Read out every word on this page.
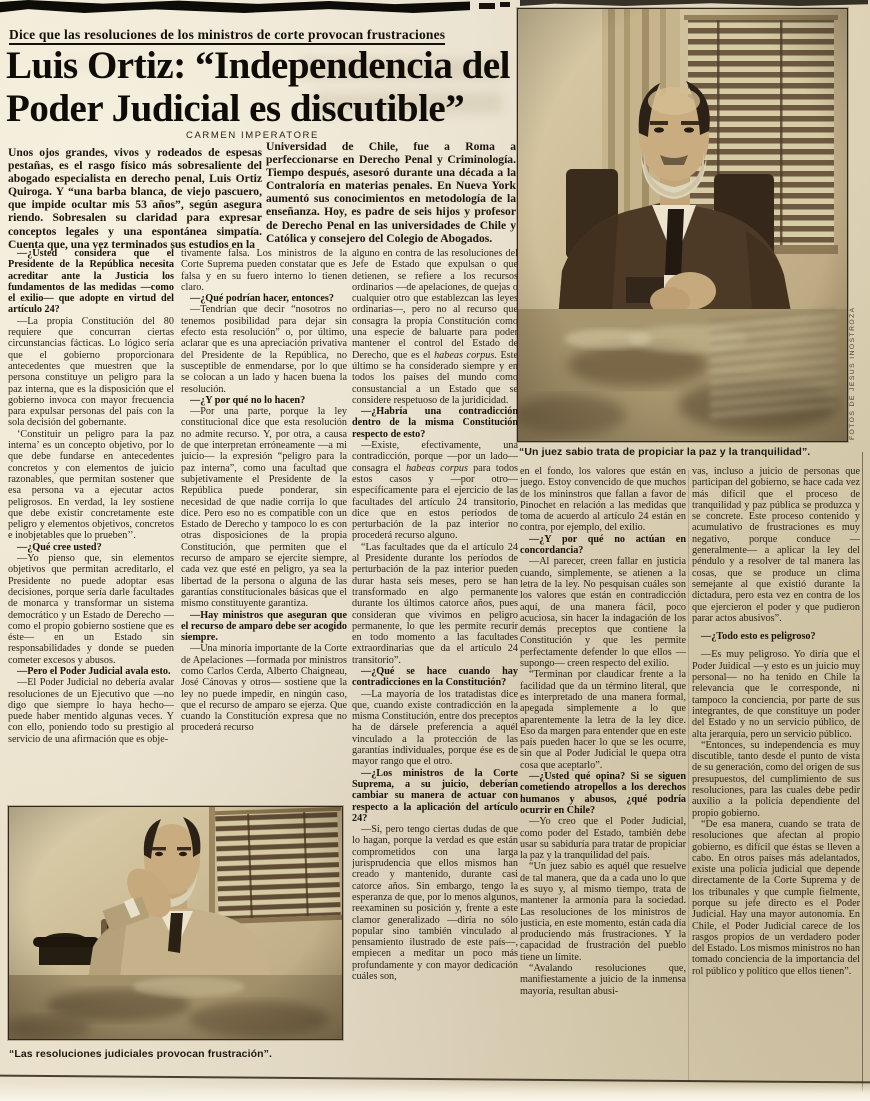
Dice que las resoluciones de los ministros de corte provocan frustraciones
Luis Ortiz: “Independencia del
Poder Judicial es discutible”
CARMEN IMPERATORE
Unos ojos grandes, vivos y rodeados de espesas pestañas, es el rasgo físico más sobresaliente del abogado especialista en derecho penal, Luis Ortiz Quiroga. Y “una barba blanca, de viejo pascuero, que impide ocultar mis 53 años”, según asegura riendo. Sobresalen su claridad para expresar conceptos legales y una espontánea simpatía. Cuenta que, una vez terminados sus estudios en la
Universidad de Chile, fue a Roma a perfeccionarse en Derecho Penal y Criminología. Tiempo después, asesoró durante una década a la Contraloría en materias penales. En Nueva York aumentó sus conocimientos en metodología de la enseñanza. Hoy, es padre de seis hijos y profesor de Derecho Penal en las universidades de Chile y Católica y consejero del Colegio de Abogados.
FOTOS DE JESUS INOSTROZA
“Un juez sabio trata de propiciar la paz y la tranquilidad”.

—¿Usted considera que el Presidente de la República necesita acreditar ante la Justicia los fundamentos de las medidas —como el exilio— que adopte en virtud del artículo 24?

—La propia Constitución del 80 requiere que concurran ciertas circunstancias fácticas. Lo lógico sería que el gobierno proporcionara antecedentes que muestren que la persona constituye un peligro para la paz interna, que es la disposición que el gobierno invoca con mayor frecuencia para expulsar personas del país con la sola decisión del gobernante.

‘Constituir un peligro para la paz interna’ es un concepto objetivo, por lo que debe fundarse en antecedentes concretos y con elementos de juicio razonables, que permitan sostener que esa persona va a ejecutar actos peligrosos. En verdad, la ley sostiene que debe existir concretamente este peligro y elementos objetivos, concretos e inobjetables que lo prueben’’.

—¿Qué cree usted?

—Yo pienso que, sin elementos objetivos que permitan acreditarlo, el Presidente no puede adoptar esas decisiones, porque sería darle facultades de monarca y transformar un sistema democrático y un Estado de Derecho —como el propio gobierno sostiene que es éste— en un Estado sin responsabilidades y donde se pueden cometer excesos y abusos.

—Pero el Poder Judicial avala esto.

—El Poder Judicial no debería avalar resoluciones de un Ejecutivo que —no digo que siempre lo haya hecho— puede haber mentido algunas veces. Y con ello, poniendo todo su prestigio al servicio de una afirmación que es obje-

tivamente falsa. Los ministros de la Corte Suprema pueden constatar que es falsa y en su fuero interno lo tienen claro.

—¿Qué podrían hacer, entonces?

—Tendrían que decir “nosotros no tenemos posibilidad para dejar sin efecto esta resolución” o, por último, aclarar que es una apreciación privativa del Presidente de la República, no susceptible de enmendarse, por lo que se colocan a un lado y hacen buena la resolución.

—¿Y por qué no lo hacen?

—Por una parte, porque la ley constitucional dice que esta resolución no admite recurso. Y, por otra, a causa de que interpretan erróneamente —a mi juicio— la expresión “peligro para la paz interna”, como una facultad que subjetivamente el Presidente de la República puede ponderar, sin necesidad de que nadie corrija lo que dice. Pero eso no es compatible con un Estado de Derecho y tampoco lo es con otras disposiciones de la propia Constitución, que permiten que el recurso de amparo se ejercite siempre, cada vez que esté en peligro, ya sea la libertad de la persona o alguna de las garantías constitucionales básicas que el mismo constituyente garantiza.

—Hay ministros que aseguran que el recurso de amparo debe ser acogido siempre.

—Una minoría importante de la Corte de Apelaciones —formada por ministros como Carlos Cerda, Alberto Chaigneau, José Cánovas y otros— sostiene que la ley no puede impedir, en ningún caso, que el recurso de amparo se ejerza. Que cuando la Constitución expresa que no procederá recurso

alguno en contra de las resoluciones del Jefe de Estado que expulsan o que detienen, se refiere a los recursos ordinarios —de apelaciones, de quejas o cualquier otro que establezcan las leyes ordinarias—, pero no al recurso que consagra la propia Constitución como una especie de baluarte para poder mantener el control del Estado de Derecho, que es el habeas corpus. Este último se ha considerado siempre y en todos los países del mundo como consustancial a un Estado que se considere respetuoso de la juridicidad.

—¿Habría una contradicción dentro de la misma Constitución respecto de esto?

—Existe, efectivamente, una contradicción, porque —por un lado— consagra el habeas corpus para todos estos casos y —por otro— específicamente para el ejercicio de las facultades del artículo 24 transitorio, dice que en estos períodos de perturbación de la paz interior no procederá recurso alguno.

“Las facultades que da el artículo 24 al Presidente durante los períodos de perturbación de la paz interior pueden durar hasta seis meses, pero se han transformado en algo permanente durante los últimos catorce años, pues consideran que vivimos en peligro permanente, lo que les permite recurir en todo momento a las facultades extraordinarias que da el artículo 24 transitorio”.

—¿Qué se hace cuando hay contradicciones en la Constitución?

—La mayoría de los tratadistas dice que, cuando existe contradicción en la misma Constitución, entre dos preceptos ha de dársele preferencia a aquél vinculado a la protección de las garantías individuales, porque ése es de mayor rango que el otro.

—¿Los ministros de la Corte Suprema, a su juicio, deberían cambiar su manera de actuar con respecto a la aplicación del artículo 24?

—Sí, pero tengo ciertas dudas de que lo hagan, porque la verdad es que están comprometidos con una larga jurisprudencia que ellos mismos han creado y mantenido, durante casi catorce años. Sin embargo, tengo la esperanza de que, por lo menos algunos, reexaminen su posición y, frente a este clamor generalizado —diría no sólo popular sino también vinculado al pensamiento ilustrado de este país—, empiecen a meditar un poco más profundamente y con mayor dedicación cuáles son,

en el fondo, los valores que están en juego. Estoy convencido de que muchos de los mininstros que fallan a favor de Pinochet en relación a las medidas que toma de acuerdo al artículo 24 están en contra, por ejemplo, del exilio.

—¿Y por qué no actúan en concordancia?

—Al parecer, creen fallar en justicia cuando, simplemente, se atienen a la letra de la ley. No pesquisan cuáles son los valores que están en contradicción aquí, de una manera fácil, poco acuciosa, sin hacer la indagación de los demás preceptos que contiene la Constitución y que les permite perfectamente defender lo que ellos —supongo— creen respecto del exilio.

“Terminan por claudicar frente a la facilidad que da un término literal, que es interpretado de una manera formal, apegada simplemente a lo que aparentemente la letra de la ley dice. Eso da margen para entender que en este país pueden hacer lo que se les ocurre, sin que al Poder Judicial le quepa otra cosa que aceptarlo”.

—¿Usted qué opina? Si se siguen cometiendo atropellos a los derechos humanos y abusos, ¿qué podría ocurrir en Chile?

—Yo creo que el Poder Judicial, como poder del Estado, también debe usar su sabiduría para tratar de propiciar la paz y la tranquilidad del país.

“Un juez sabio es aquél que resuelve de tal manera, que da a cada uno lo que es suyo y, al mismo tiempo, trata de mantener la armonía para la sociedad. Las resoluciones de los ministros de justicia, en este momento, están cada día produciendo más frustraciones. Y la capacidad de frustración del pueblo tiene un límite.

“Avalando resoluciones que, manifiestamente a juicio de la inmensa mayoría, resultan abusi-

vas, incluso a juicio de personas que participan del gobierno, se hace cada vez más difícil que el proceso de tranquilidad y paz pública se produzca y se concrete. Este proceso contenido y acumulativo de frustraciones es muy negativo, porque conduce —generalmente— a aplicar la ley del péndulo y a resolver de tal manera las cosas, que se produce un clima semejante al que existió durante la dictadura, pero esta vez en contra de los que ejercieron el poder y que pudieron parar actos abusivos”.

—¿Todo esto es peligroso?

—Es muy peligroso. Yo diría que el Poder Juidical —y esto es un juicio muy personal— no ha tenido en Chile la relevancia que le corresponde, ni tampoco la conciencia, por parte de sus integrantes, de que constituye un poder del Estado y no un servicio público, de alta jerarquía, pero un servicio público.

“Entonces, su independencia es muy discutible, tanto desde el punto de vista de su generación, como del origen de sus presupuestos, del cumplimiento de sus resoluciones, para las cuales debe pedir auxilio a la policía dependiente del propio gobierno.

“De esa manera, cuando se trata de resoluciones que afectan al propio gobierno, es difícil que éstas se lleven a cabo. En otros países más adelantados, existe una policía judicial que depende directamente de la Corte Suprema y de los tribunales y que cumple fielmente, porque su jefe directo es el Poder Judicial. Hay una mayor autonomía. En Chile, el Poder Judicial carece de los rasgos propios de un verdadero poder del Estado. Los mismos ministros no han tomado conciencia de la importancia del rol público y político que ellos tienen”.

“Las resoluciones judiciales provocan frustración”.
